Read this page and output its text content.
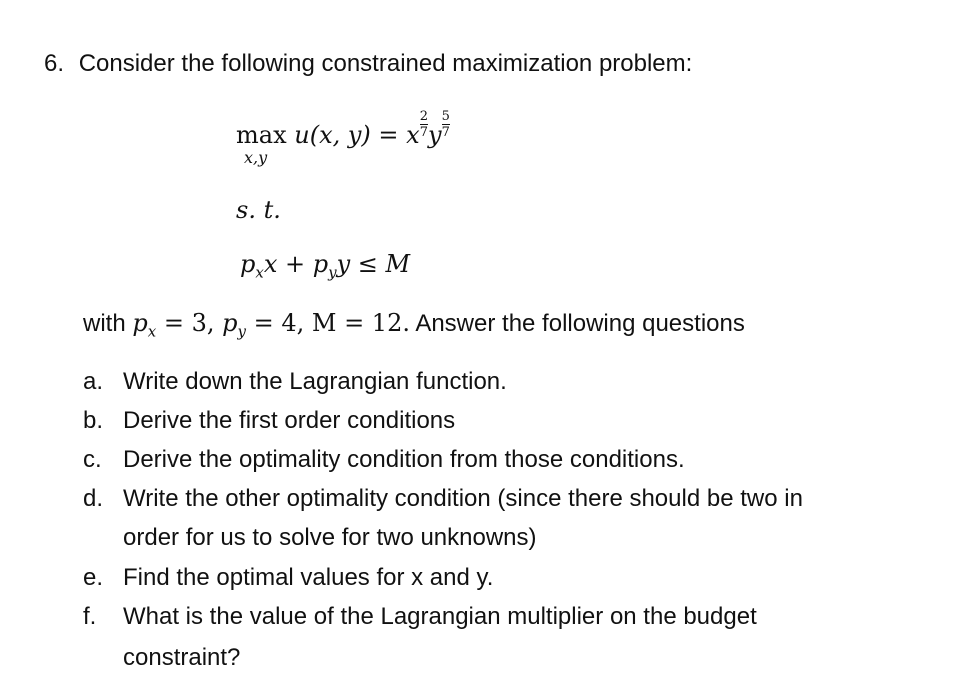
6. Consider the following constrained maximization problem:
max u(x, y) = x $\frac{2}{7}$ y $\frac{5}{7}$
x,y
s. t.
$p_xx + p_yy \le M$
with $p_x = 3$, $p_y = 4$, M = 12. Answer the following questions
a. Write down the Lagrangian function.
b. Derive the first order conditions
c. Derive the optimality condition from those conditions.
d. Write the other optimality condition (since there should be two in
order for us to solve for two unknowns)
e. Find the optimal values for x and y.
f. What is the value of the Lagrangian multiplier on the budget
constraint?
